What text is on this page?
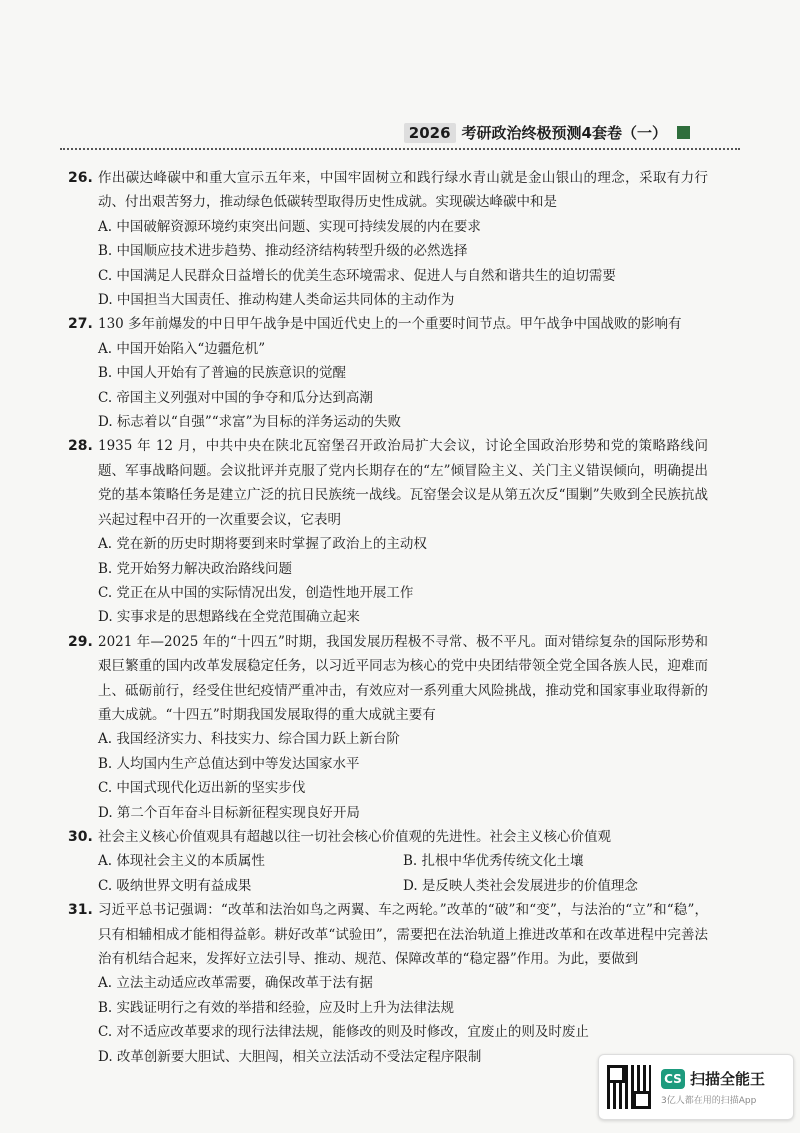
2026 考研政治终极预测4套卷（一）
26. 作出碳达峰碳中和重大宣示五年来，中国牢固树立和践行绿水青山就是金山银山的理念，采取有力行动、付出艰苦努力，推动绿色低碳转型取得历史性成就。实现碳达峰碳中和是

A. 中国破解资源环境约束突出问题、实现可持续发展的内在要求

B. 中国顺应技术进步趋势、推动经济结构转型升级的必然选择

C. 中国满足人民群众日益增长的优美生态环境需求、促进人与自然和谐共生的迫切需要

D. 中国担当大国责任、推动构建人类命运共同体的主动作为

27. 130 多年前爆发的中日甲午战争是中国近代史上的一个重要时间节点。甲午战争中国战败的影响有

A. 中国开始陷入“边疆危机”

B. 中国人开始有了普遍的民族意识的觉醒

C. 帝国主义列强对中国的争夺和瓜分达到高潮

D. 标志着以“自强”“求富”为目标的洋务运动的失败

28. 1935 年 12 月，中共中央在陕北瓦窑堡召开政治局扩大会议，讨论全国政治形势和党的策略路线问题、军事战略问题。会议批评并克服了党内长期存在的“左”倾冒险主义、关门主义错误倾向，明确提出党的基本策略任务是建立广泛的抗日民族统一战线。瓦窑堡会议是从第五次反“围剿”失败到全民族抗战兴起过程中召开的一次重要会议，它表明

A. 党在新的历史时期将要到来时掌握了政治上的主动权

B. 党开始努力解决政治路线问题

C. 党正在从中国的实际情况出发，创造性地开展工作

D. 实事求是的思想路线在全党范围确立起来

29. 2021 年—2025 年的“十四五”时期，我国发展历程极不寻常、极不平凡。面对错综复杂的国际形势和艰巨繁重的国内改革发展稳定任务，以习近平同志为核心的党中央团结带领全党全国各族人民，迎难而上、砥砺前行，经受住世纪疫情严重冲击，有效应对一系列重大风险挑战，推动党和国家事业取得新的重大成就。“十四五”时期我国发展取得的重大成就主要有

A. 我国经济实力、科技实力、综合国力跃上新台阶

B. 人均国内生产总值达到中等发达国家水平

C. 中国式现代化迈出新的坚实步伐

D. 第二个百年奋斗目标新征程实现良好开局

30. 社会主义核心价值观具有超越以往一切社会核心价值观的先进性。社会主义核心价值观

A. 体现社会主义的本质属性	B. 扎根中华优秀传统文化土壤

C. 吸纳世界文明有益成果	D. 是反映人类社会发展进步的价值理念

31. 习近平总书记强调：“改革和法治如鸟之两翼、车之两轮。”改革的“破”和“变”，与法治的“立”和“稳”，只有相辅相成才能相得益彰。耕好改革“试验田”，需要把在法治轨道上推进改革和在改革进程中完善法治有机结合起来，发挥好立法引导、推动、规范、保障改革的“稳定器”作用。为此，要做到

A. 立法主动适应改革需要，确保改革于法有据

B. 实践证明行之有效的举措和经验，应及时上升为法律法规

C. 对不适应改革要求的现行法律法规，能修改的则及时修改，宜废止的则及时废止

D. 改革创新要大胆试、大胆闯，相关立法活动不受法定程序限制

CS 扫描全能王
3亿人都在用的扫描App
